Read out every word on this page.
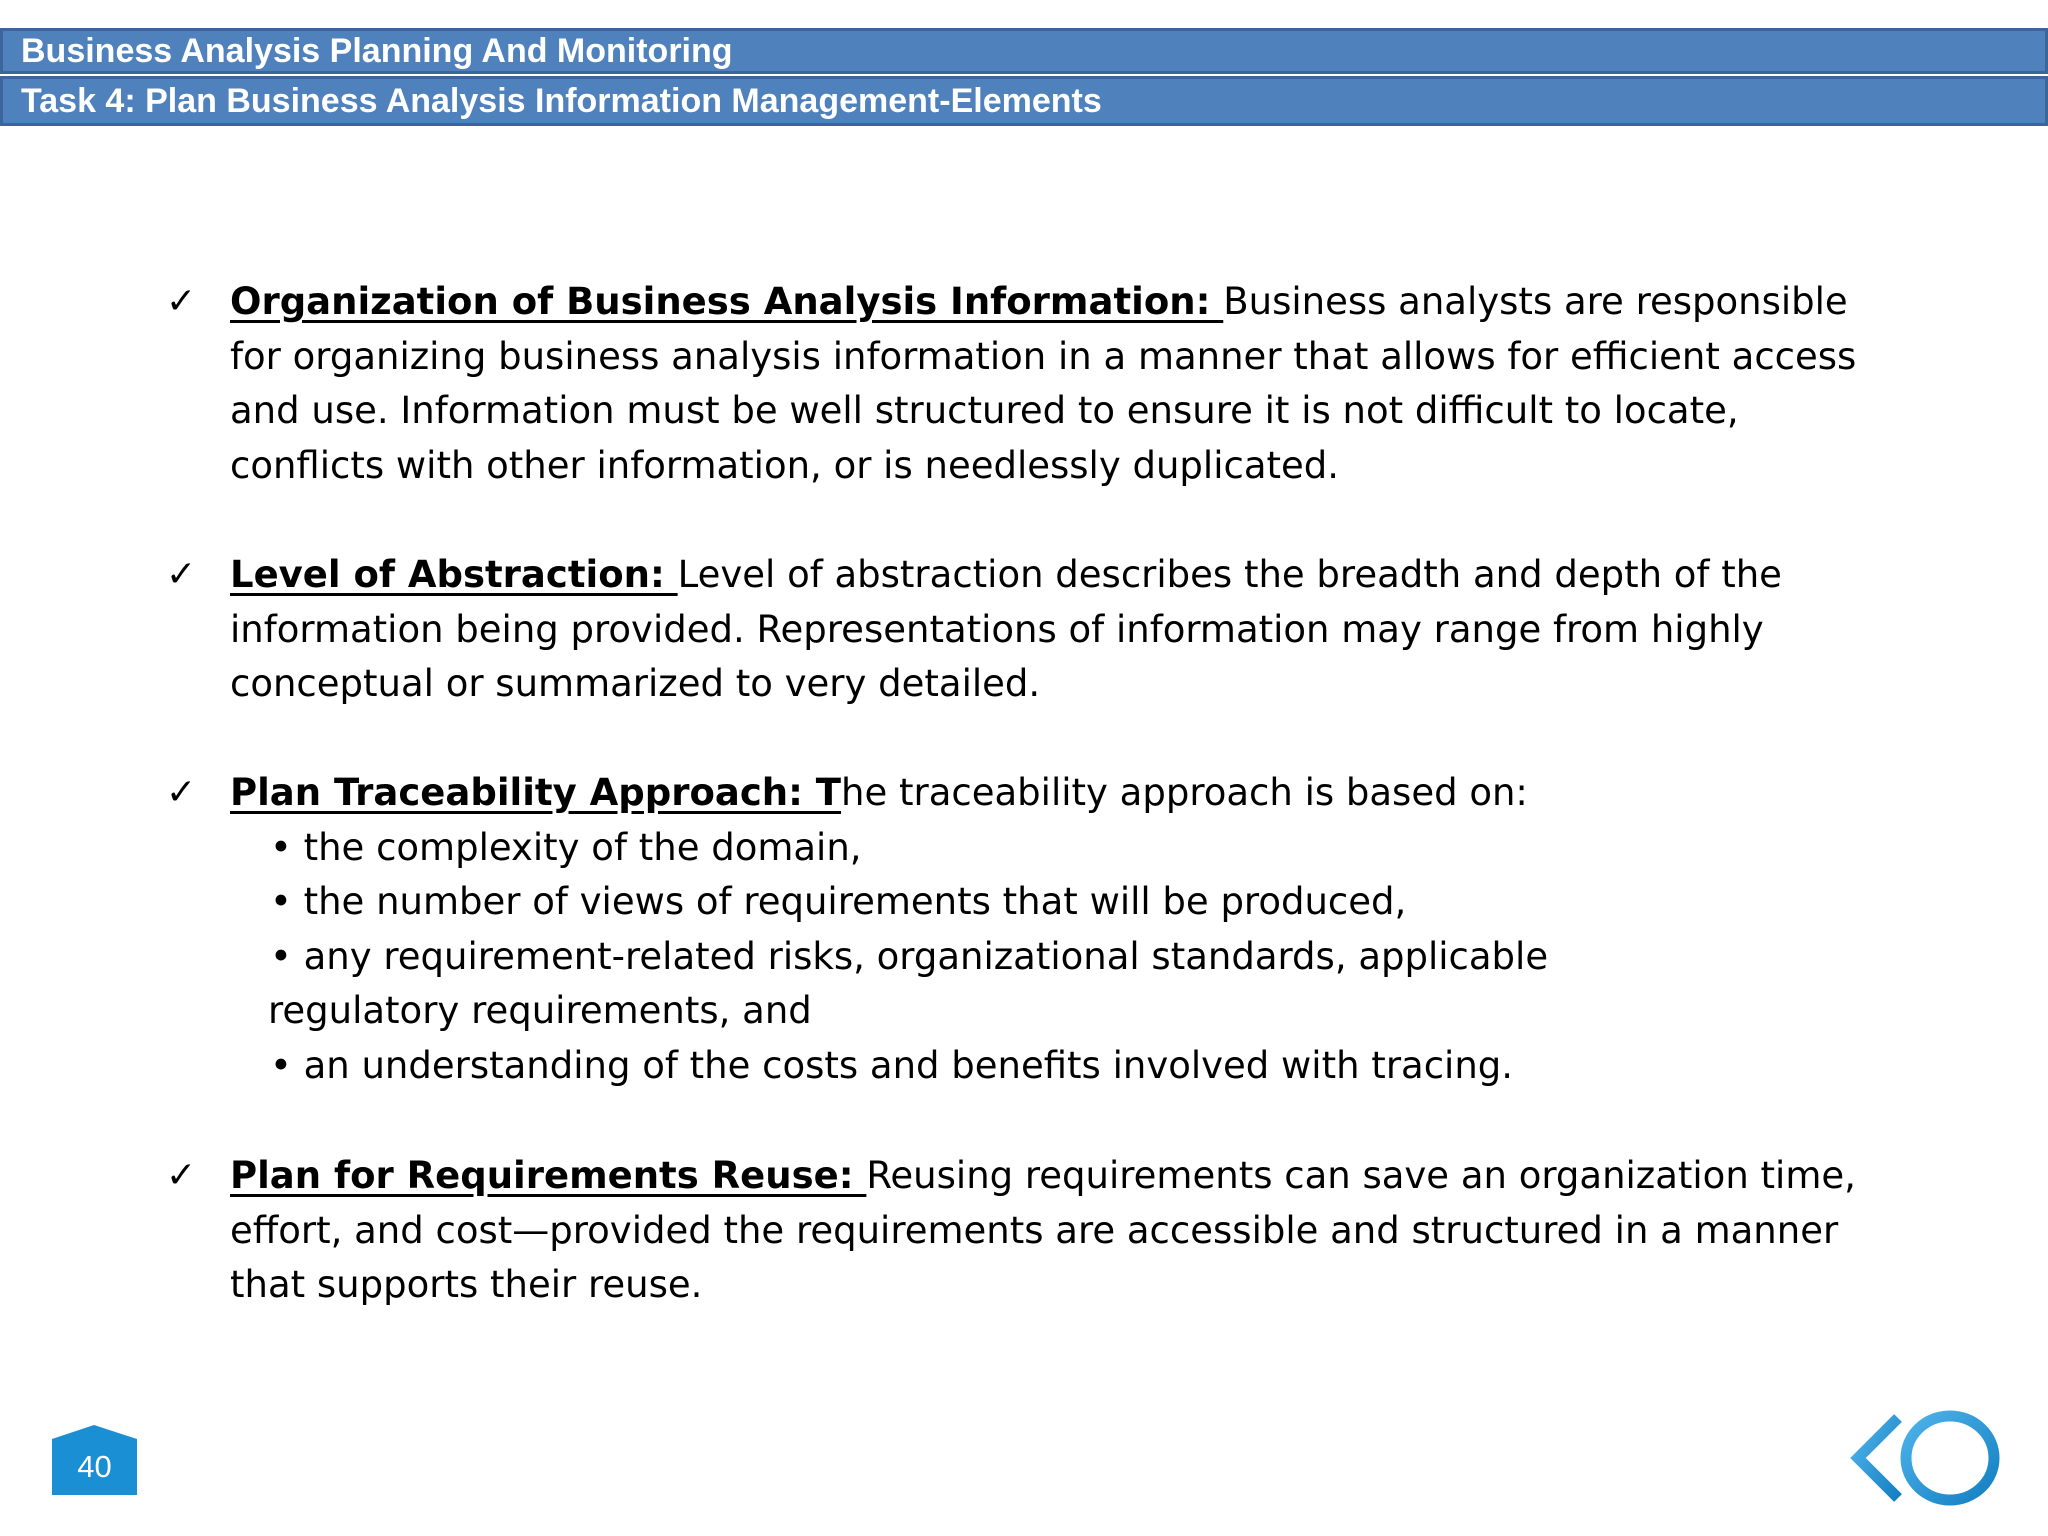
Business Analysis Planning And Monitoring
Task 4: Plan Business Analysis Information Management-Elements
✓ Organization of Business Analysis Information: Business analysts are responsible for organizing business analysis information in a manner that allows for efficient access and use. Information must be well structured to ensure it is not difficult to locate, conflicts with other information, or is needlessly duplicated.
✓ Level of Abstraction: Level of abstraction describes the breadth and depth of the information being provided. Representations of information may range from highly conceptual or summarized to very detailed.
✓ Plan Traceability Approach: The traceability approach is based on:
• the complexity of the domain,
• the number of views of requirements that will be produced,
• any requirement-related risks, organizational standards, applicable
regulatory requirements, and
• an understanding of the costs and benefits involved with tracing.
✓ Plan for Requirements Reuse: Reusing requirements can save an organization time, effort, and cost—provided the requirements are accessible and structured in a manner that supports their reuse.
40
